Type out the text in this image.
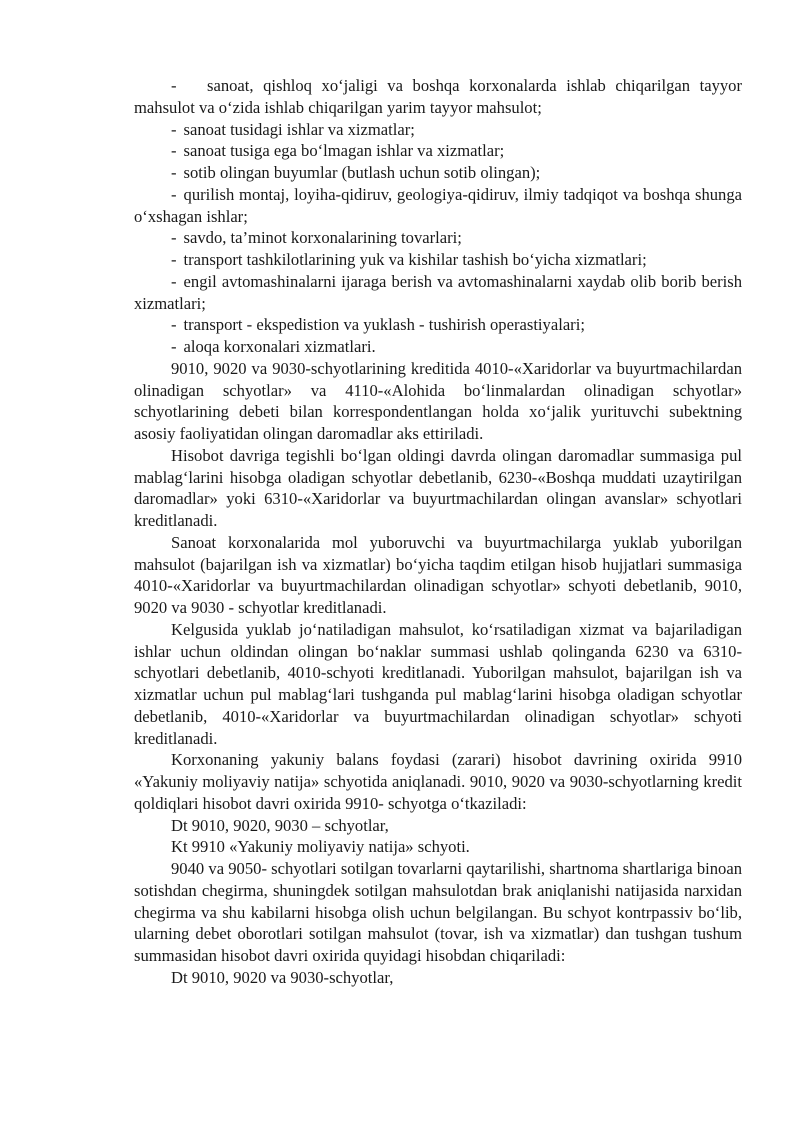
- sanoat, qishloq xo‘jaligi va boshqa korxonalarda ishlab chiqarilgan tayyor mahsulot va o‘zida ishlab chiqarilgan yarim tayyor mahsulot;

- sanoat tusidagi ishlar va xizmatlar;

- sanoat tusiga ega bo‘lmagan ishlar va xizmatlar;

- sotib olingan buyumlar (butlash uchun sotib olingan);

- qurilish montaj, loyiha-qidiruv, geologiya-qidiruv, ilmiy tadqiqot va boshqa shunga o‘xshagan ishlar;

- savdo, ta’minot korxonalarining tovarlari;

- transport tashkilotlarining yuk va kishilar tashish bo‘yicha xizmatlari;

- engil avtomashinalarni ijaraga berish va avtomashinalarni xaydab olib borib berish xizmatlari;

- transport - ekspedistion va yuklash - tushirish operastiyalari;

- aloqa korxonalari xizmatlari.

9010, 9020 va 9030-schyotlarining kreditida 4010-«Xaridorlar va buyurtmachilardan olinadigan schyotlar» va 4110-«Alohida bo‘linmalardan olinadigan schyotlar» schyotlarining debeti bilan korrespondentlangan holda xo‘jalik yurituvchi subektning asosiy faoliyatidan olingan daromadlar aks ettiriladi.

Hisobot davriga tegishli bo‘lgan oldingi davrda olingan daromadlar summasiga pul mablag‘larini hisobga oladigan schyotlar debetlanib, 6230-«Boshqa muddati uzaytirilgan daromadlar» yoki 6310-«Xaridorlar va buyurtmachilardan olingan avanslar» schyotlari kreditlanadi.

Sanoat korxonalarida mol yuboruvchi va buyurtmachilarga yuklab yuborilgan mahsulot (bajarilgan ish va xizmatlar) bo‘yicha taqdim etilgan hisob hujjatlari summasiga 4010-«Xaridorlar va buyurtmachilardan olinadigan schyotlar» schyoti debetlanib, 9010, 9020 va 9030 - schyotlar kreditlanadi.

Kelgusida yuklab jo‘natiladigan mahsulot, ko‘rsatiladigan xizmat va bajariladigan ishlar uchun oldindan olingan bo‘naklar summasi ushlab qolinganda 6230 va 6310-schyotlari debetlanib, 4010-schyoti kreditlanadi. Yuborilgan mahsulot, bajarilgan ish va xizmatlar uchun pul mablag‘lari tushganda pul mablag‘larini hisobga oladigan schyotlar debetlanib, 4010-«Xaridorlar va buyurtmachilardan olinadigan schyotlar» schyoti kreditlanadi.

Korxonaning yakuniy balans foydasi (zarari) hisobot davrining oxirida 9910 «Yakuniy moliyaviy natija» schyotida aniqlanadi. 9010, 9020 va 9030-schyotlarning kredit qoldiqlari hisobot davri oxirida 9910- schyotga o‘tkaziladi:

Dt 9010, 9020, 9030 – schyotlar,

Kt 9910 «Yakuniy moliyaviy natija» schyoti.

9040 va 9050- schyotlari sotilgan tovarlarni qaytarilishi, shartnoma shartlariga binoan sotishdan chegirma, shuningdek sotilgan mahsulotdan brak aniqlanishi natijasida narxidan chegirma va shu kabilarni hisobga olish uchun belgilangan. Bu schyot kontrpassiv bo‘lib, ularning debet oborotlari sotilgan mahsulot (tovar, ish va xizmatlar) dan tushgan tushum summasidan hisobot davri oxirida quyidagi hisobdan chiqariladi:

Dt 9010, 9020 va 9030-schyotlar,
